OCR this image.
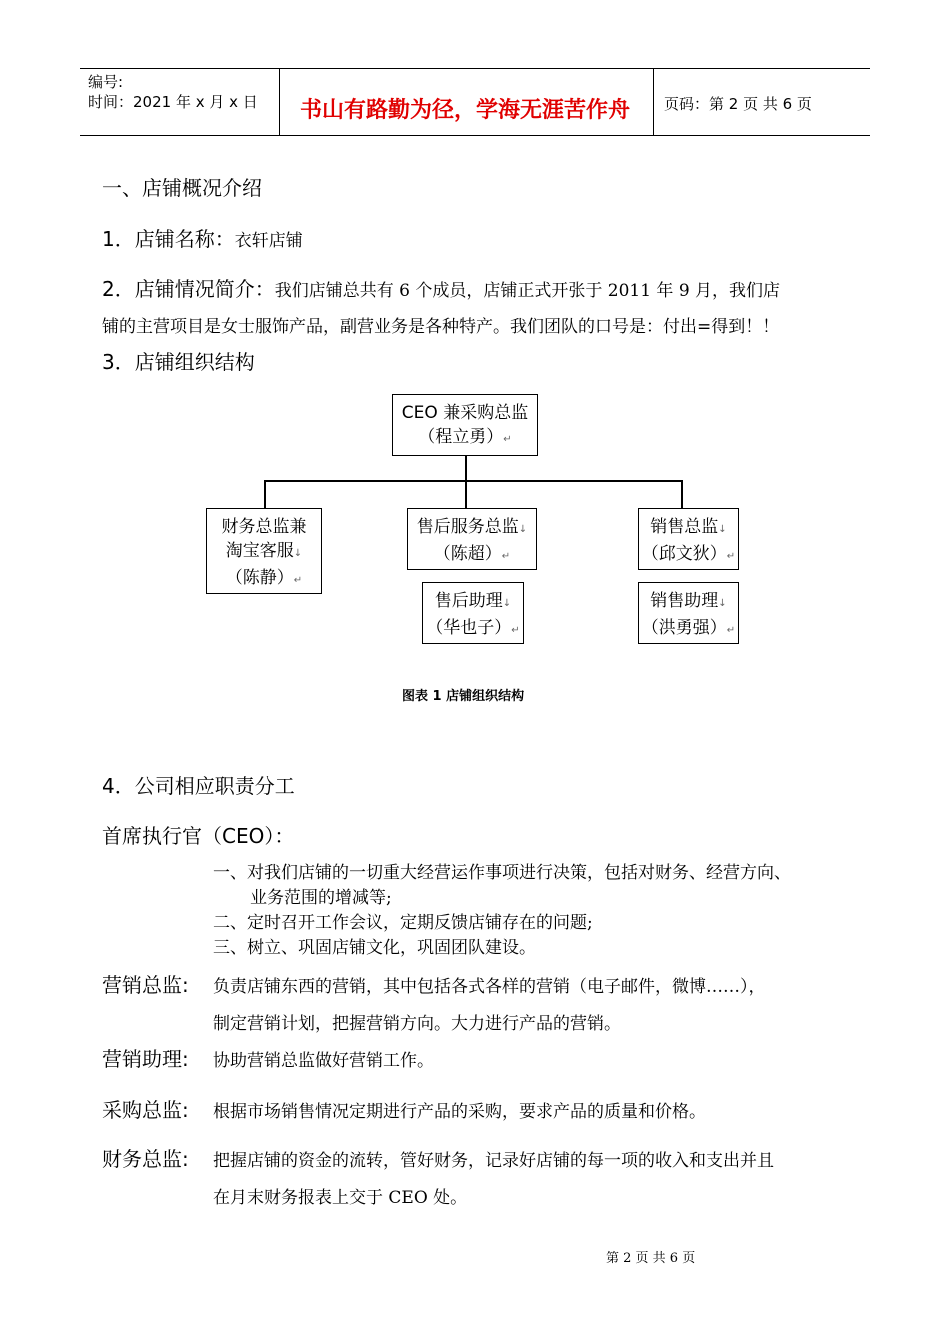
编号:
时间：2021 年 x 月 x 日	书山有路勤为径，学海无涯苦作舟	页码：第 2 页 共 6 页
一、店铺概况介绍
1．店铺名称：衣轩店铺
2．店铺情况简介：我们店铺总共有 6 个成员，店铺正式开张于 2011 年 9 月，我们店
铺的主营项目是女士服饰产品，副营业务是各种特产。我们团队的口号是：付出=得到！！
3．店铺组织结构
CEO 兼采购总监
（程立勇）↵
财务总监兼
淘宝客服↓
（陈静）↵
售后服务总监↓
（陈超）↵
销售总监↓
（邱文狄）↵
售后助理↓
（华也子）↵
销售助理↓
（洪勇强）↵
图表 1 店铺组织结构
4．公司相应职责分工
首席执行官（CEO）：
一、对我们店铺的一切重大经营运作事项进行决策，包括对财务、经营方向、
业务范围的增减等;
二、定时召开工作会议，定期反馈店铺存在的问题;
三、树立、巩固店铺文化，巩固团队建设。
营销总监: 负责店铺东西的营销，其中包括各式各样的营销（电子邮件，微博……），
制定营销计划，把握营销方向。大力进行产品的营销。
营销助理: 协助营销总监做好营销工作。
采购总监: 根据市场销售情况定期进行产品的采购，要求产品的质量和价格。
财务总监: 把握店铺的资金的流转，管好财务，记录好店铺的每一项的收入和支出并且
在月末财务报表上交于 CEO 处。
第 2 页 共 6 页
